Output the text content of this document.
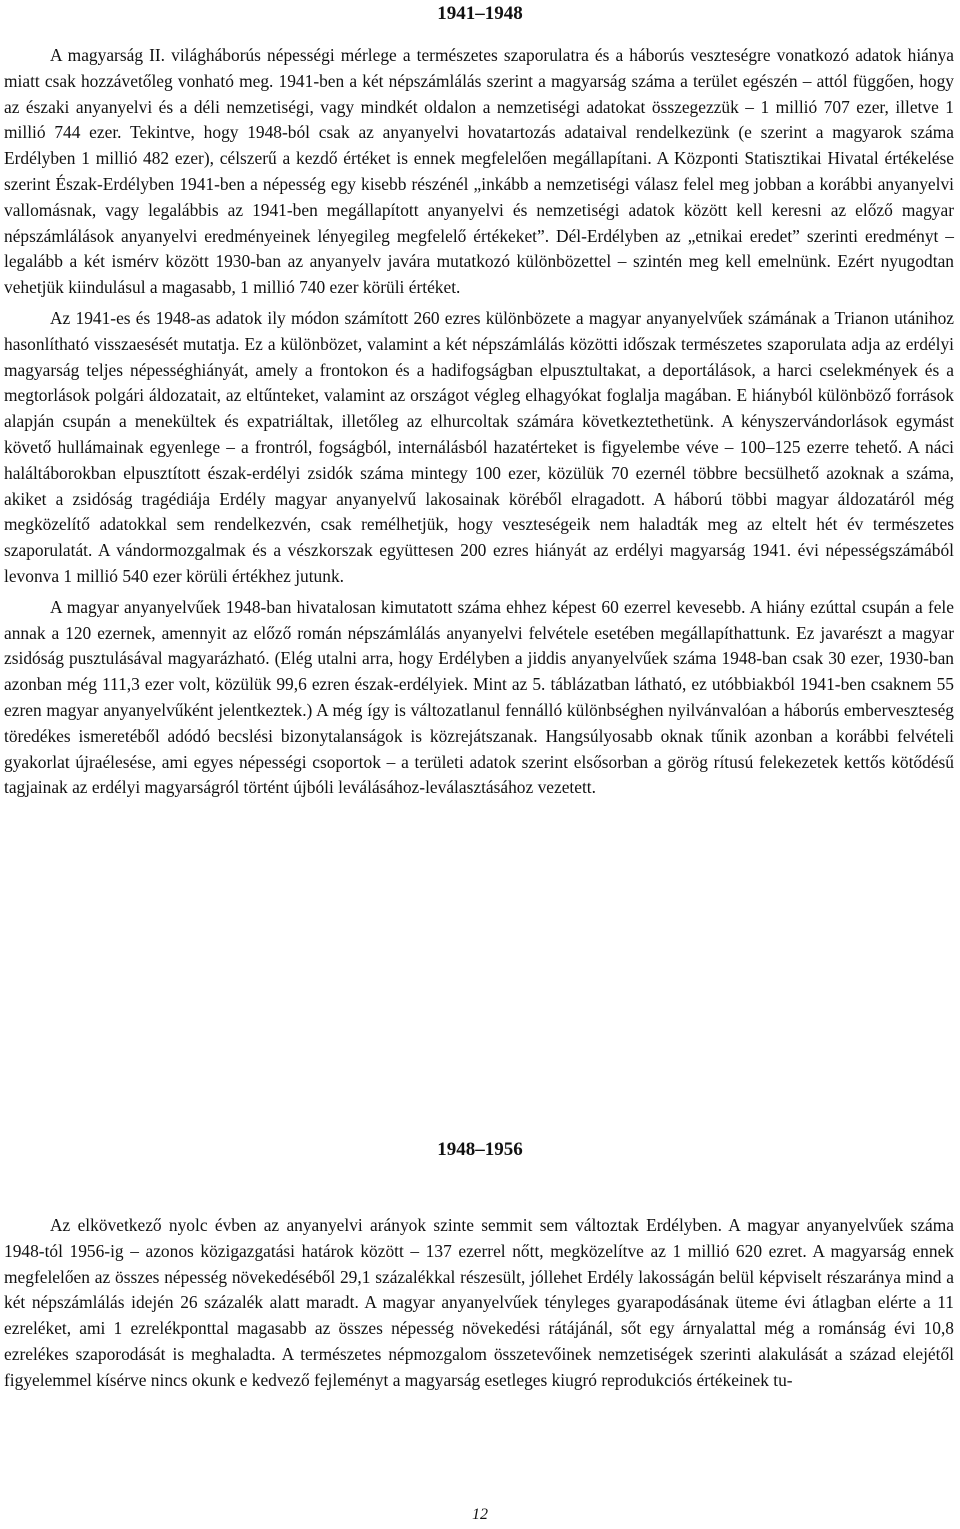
1941–1948

A magyarság II. világháborús népességi mérlege a természetes szaporulatra és a háborús veszteségre vonatkozó adatok hiánya miatt csak hozzávetőleg vonható meg. 1941-ben a két népszámlálás szerint a magyarság száma a terület egészén – attól függően, hogy az északi anyanyelvi és a déli nemzetiségi, vagy mindkét oldalon a nemzetiségi adatokat összegezzük – 1 millió 707 ezer, illetve 1 millió 744 ezer. Tekintve, hogy 1948-ból csak az anyanyelvi hovatartozás adataival rendelkezünk (e szerint a magyarok száma Erdélyben 1 millió 482 ezer), célszerű a kezdő értéket is ennek megfelelően megállapítani. A Központi Statisztikai Hivatal értékelése szerint Észak-Erdélyben 1941-ben a népesség egy kisebb részénél „inkább a nemzetiségi válasz felel meg jobban a korábbi anyanyelvi vallomásnak, vagy legalábbis az 1941-ben megállapított anyanyelvi és nemzetiségi adatok között kell keresni az előző magyar népszámlálások anyanyelvi eredményeinek lényegileg megfelelő értékeket”. Dél-Erdélyben az „etnikai eredet” szerinti eredményt – legalább a két ismérv között 1930-ban az anyanyelv javára mutatkozó különbözettel – szintén meg kell emelnünk. Ezért nyugodtan vehetjük kiindulásul a magasabb, 1 millió 740 ezer körüli értéket.

Az 1941-es és 1948-as adatok ily módon számított 260 ezres különbözete a magyar anyanyelvűek számának a Trianon utánihoz hasonlítható visszaesését mutatja. Ez a különbözet, valamint a két népszámlálás közötti időszak természetes szaporulata adja az erdélyi magyarság teljes népességhiányát, amely a frontokon és a hadifogságban elpusztultakat, a deportálások, a harci cselekmények és a megtorlások polgári áldozatait, az eltűnteket, valamint az országot végleg elhagyókat foglalja magában. E hiányból különböző források alapján csupán a menekültek és expatriáltak, illetőleg az elhurcoltak számára következtethetünk. A kényszervándorlások egymást követő hullámainak egyenlege – a frontról, fogságból, internálásból hazatérteket is figyelembe véve – 100–125 ezerre tehető. A náci haláltáborokban elpusztított észak-erdélyi zsidók száma mintegy 100 ezer, közülük 70 ezernél többre becsülhető azoknak a száma, akiket a zsidóság tragédiája Erdély magyar anyanyelvű lakosainak köréből elragadott. A háború többi magyar áldozatáról még megközelítő adatokkal sem rendelkezvén, csak remélhetjük, hogy veszteségeik nem haladták meg az eltelt hét év természetes szaporulatát. A vándormozgalmak és a vészkorszak együttesen 200 ezres hiányát az erdélyi magyarság 1941. évi népességszámából levonva 1 millió 540 ezer körüli értékhez jutunk.

A magyar anyanyelvűek 1948-ban hivatalosan kimutatott száma ehhez képest 60 ezerrel kevesebb. A hiány ezúttal csupán a fele annak a 120 ezernek, amennyit az előző román népszámlálás anyanyelvi felvétele esetében megállapíthattunk. Ez javarészt a magyar zsidóság pusztulásával magyarázható. (Elég utalni arra, hogy Erdélyben a jiddis anyanyelvűek száma 1948-ban csak 30 ezer, 1930-ban azonban még 111,3 ezer volt, közülük 99,6 ezren észak-erdélyiek. Mint az 5. táblázatban látható, ez utóbbiakból 1941-ben csaknem 55 ezren magyar anyanyelvűként jelentkeztek.) A még így is változatlanul fennálló különbséghen nyilvánvalóan a háborús emberveszteség töredékes ismeretéből adódó becslési bizonytalanságok is közrejátszanak. Hangsúlyosabb oknak tűnik azonban a korábbi felvételi gyakorlat újraélesése, ami egyes népességi csoportok – a területi adatok szerint elsősorban a görög rítusú felekezetek kettős kötődésű tagjainak az erdélyi magyarságról történt újbóli leválásához-leválasztásához vezetett.

1948–1956

Az elkövetkező nyolc évben az anyanyelvi arányok szinte semmit sem változtak Erdélyben. A magyar anyanyelvűek száma 1948-tól 1956-ig – azonos közigazgatási határok között – 137 ezerrel nőtt, megközelítve az 1 millió 620 ezret. A magyarság ennek megfelelően az összes népesség növekedéséből 29,1 százalékkal részesült, jóllehet Erdély lakosságán belül képviselt részaránya mind a két népszámlálás idején 26 százalék alatt maradt. A magyar anyanyelvűek tényleges gyarapodásának üteme évi átlagban elérte a 11 ezreléket, ami 1 ezrelékponttal magasabb az összes népesség növekedési rátájánál, sőt egy árnyalattal még a románság évi 10,8 ezrelékes szaporodását is meghaladta. A természetes népmozgalom összetevőinek nemzetiségek szerinti alakulását a század elejétől figyelemmel kísérve nincs okunk e kedvező fejleményt a magyarság esetleges kiugró reprodukciós értékeinek tu-

12
